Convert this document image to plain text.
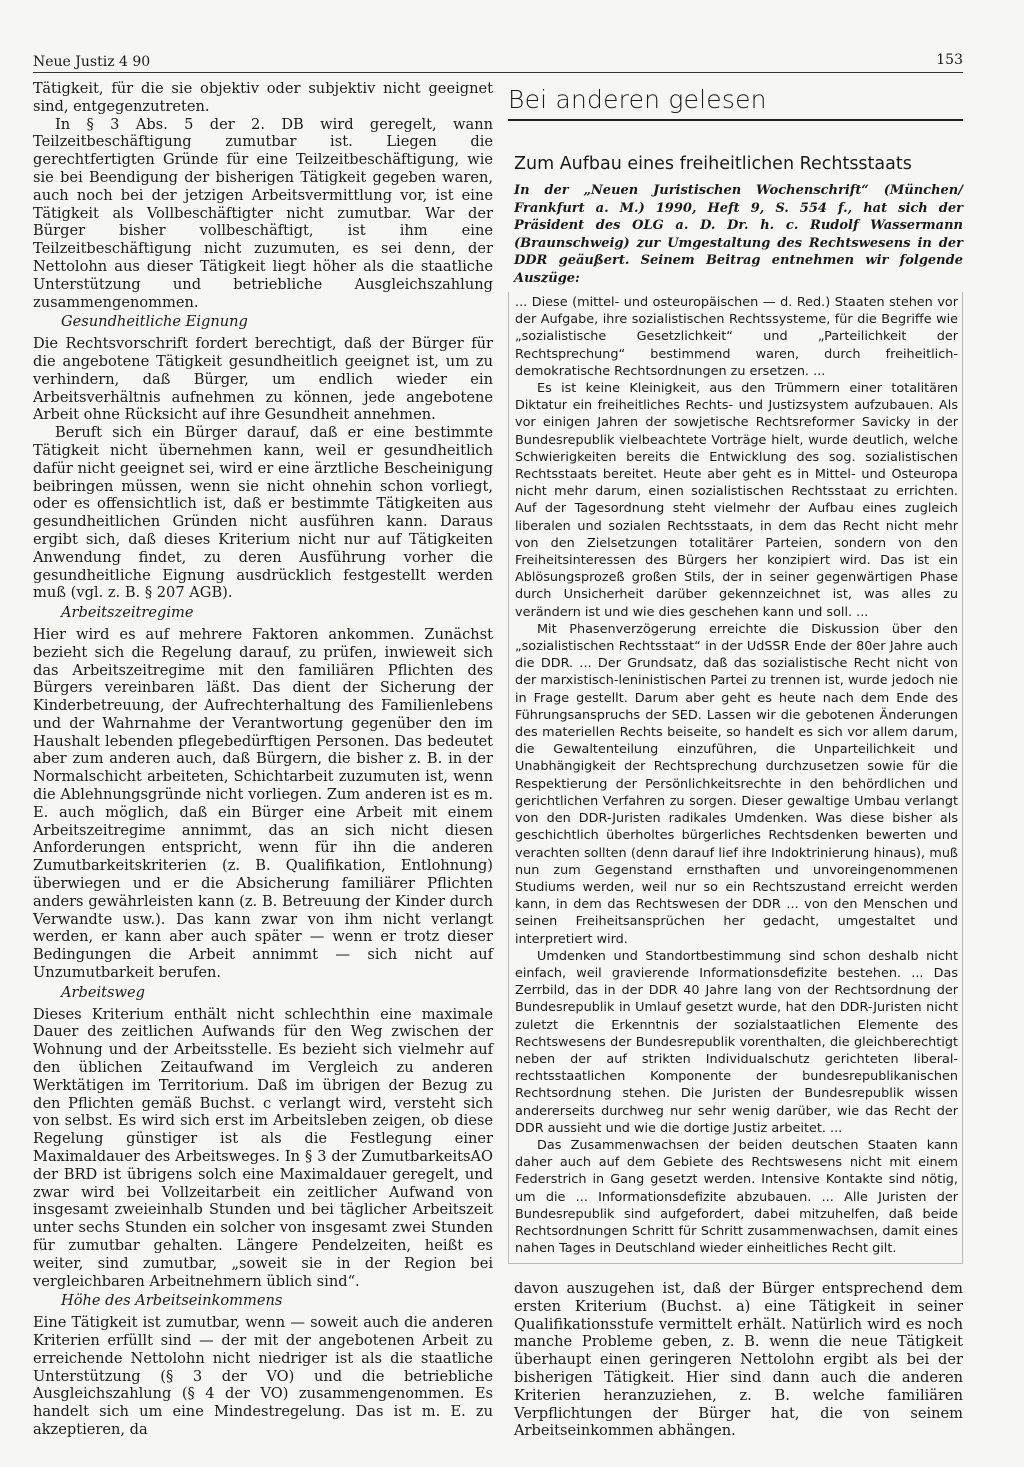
Neue Justiz 4 90	153

Tätigkeit, für die sie objektiv oder subjektiv nicht geeignet sind, entgegenzutreten.

In § 3 Abs. 5 der 2. DB wird geregelt, wann Teilzeitbeschäftigung zumutbar ist. Liegen die gerechtfertigten Gründe für eine Teilzeitbeschäftigung, wie sie bei Beendigung der bisherigen Tätigkeit gegeben waren, auch noch bei der jetzigen Arbeitsvermittlung vor, ist eine Tätigkeit als Vollbeschäftigter nicht zumutbar. War der Bürger bisher vollbeschäftigt, ist ihm eine Teilzeitbeschäftigung nicht zuzumuten, es sei denn, der Nettolohn aus dieser Tätigkeit liegt höher als die staatliche Unterstützung und betriebliche Ausgleichszahlung zusammengenommen.

Gesundheitliche Eignung

Die Rechtsvorschrift fordert berechtigt, daß der Bürger für die angebotene Tätigkeit gesundheitlich geeignet ist, um zu verhindern, daß Bürger, um endlich wieder ein Arbeitsverhältnis aufnehmen zu können, jede angebotene Arbeit ohne Rücksicht auf ihre Gesundheit annehmen.

Beruft sich ein Bürger darauf, daß er eine bestimmte Tätigkeit nicht übernehmen kann, weil er gesundheitlich dafür nicht geeignet sei, wird er eine ärztliche Bescheinigung beibringen müssen, wenn sie nicht ohnehin schon vorliegt, oder es offensichtlich ist, daß er bestimmte Tätigkeiten aus gesundheitlichen Gründen nicht ausführen kann. Daraus ergibt sich, daß dieses Kriterium nicht nur auf Tätigkeiten Anwendung findet, zu deren Ausführung vorher die gesundheitliche Eignung ausdrücklich festgestellt werden muß (vgl. z. B. § 207 AGB).

Arbeitszeitregime

Hier wird es auf mehrere Faktoren ankommen. Zunächst bezieht sich die Regelung darauf, zu prüfen, inwieweit sich das Arbeitszeitregime mit den familiären Pflichten des Bürgers vereinbaren läßt. Das dient der Sicherung der Kinderbetreuung, der Aufrechterhaltung des Familienlebens und der Wahrnahme der Verantwortung gegenüber den im Haushalt lebenden pflegebedürftigen Personen. Das bedeutet aber zum anderen auch, daß Bürgern, die bisher z. B. in der Normalschicht arbeiteten, Schichtarbeit zuzumuten ist, wenn die Ablehnungsgründe nicht vorliegen. Zum anderen ist es m. E. auch möglich, daß ein Bürger eine Arbeit mit einem Arbeitszeitregime annimmt, das an sich nicht diesen Anforderungen entspricht, wenn für ihn die anderen Zumutbarkeitskriterien (z. B. Qualifikation, Entlohnung) überwiegen und er die Absicherung familiärer Pflichten anders gewährleisten kann (z. B. Betreuung der Kinder durch Verwandte usw.). Das kann zwar von ihm nicht verlangt werden, er kann aber auch später — wenn er trotz dieser Bedingungen die Arbeit annimmt — sich nicht auf Unzumutbarkeit berufen.

Arbeitsweg

Dieses Kriterium enthält nicht schlechthin eine maximale Dauer des zeitlichen Aufwands für den Weg zwischen der Wohnung und der Arbeitsstelle. Es bezieht sich vielmehr auf den üblichen Zeitaufwand im Vergleich zu anderen Werktätigen im Territorium. Daß im übrigen der Bezug zu den Pflichten gemäß Buchst. c verlangt wird, versteht sich von selbst. Es wird sich erst im Arbeitsleben zeigen, ob diese Regelung günstiger ist als die Festlegung einer Maximaldauer des Arbeitsweges. In § 3 der ZumutbarkeitsAO der BRD ist übrigens solch eine Maximaldauer geregelt, und zwar wird bei Vollzeitarbeit ein zeitlicher Aufwand von insgesamt zweieinhalb Stunden und bei täglicher Arbeitszeit unter sechs Stunden ein solcher von insgesamt zwei Stunden für zumutbar gehalten. Längere Pendelzeiten, heißt es weiter, sind zumutbar, „soweit sie in der Region bei vergleichbaren Arbeitnehmern üblich sind“.

Höhe des Arbeitseinkommens

Eine Tätigkeit ist zumutbar, wenn — soweit auch die anderen Kriterien erfüllt sind — der mit der angebotenen Arbeit zu erreichende Nettolohn nicht niedriger ist als die staatliche Unterstützung (§ 3 der VO) und die betriebliche Ausgleichszahlung (§ 4 der VO) zusammengenommen. Es handelt sich um eine Mindestregelung. Das ist m. E. zu akzeptieren, da

Bei anderen gelesen
Zum Aufbau eines freiheitlichen Rechtsstaats

In der „Neuen Juristischen Wochenschrift“ (München/ Frankfurt a. M.) 1990, Heft 9, S. 554 f., hat sich der Präsident des OLG a. D. Dr. h. c. Rudolf Wassermann (Braunschweig) zur Umgestaltung des Rechtswesens in der DDR geäußert. Seinem Beitrag entnehmen wir folgende Auszüge:

... Diese (mittel- und osteuropäischen — d. Red.) Staaten stehen vor der Aufgabe, ihre sozialistischen Rechtssysteme, für die Begriffe wie „sozialistische Gesetzlichkeit“ und „Parteilichkeit der Rechtsprechung“ bestimmend waren, durch freiheitlich-demokratische Rechtsordnungen zu ersetzen. ...

Es ist keine Kleinigkeit, aus den Trümmern einer totalitären Diktatur ein freiheitliches Rechts- und Justizsystem aufzubauen. Als vor einigen Jahren der sowjetische Rechtsreformer Savicky in der Bundesrepublik vielbeachtete Vorträge hielt, wurde deutlich, welche Schwierigkeiten bereits die Entwicklung des sog. sozialistischen Rechtsstaats bereitet. Heute aber geht es in Mittel- und Osteuropa nicht mehr darum, einen sozialistischen Rechtsstaat zu errichten. Auf der Tagesordnung steht vielmehr der Aufbau eines zugleich liberalen und sozialen Rechtsstaats, in dem das Recht nicht mehr von den Zielsetzungen totalitärer Parteien, sondern von den Freiheitsinteressen des Bürgers her konzipiert wird. Das ist ein Ablösungsprozeß großen Stils, der in seiner gegenwärtigen Phase durch Unsicherheit darüber gekennzeichnet ist, was alles zu verändern ist und wie dies geschehen kann und soll. ...

Mit Phasenverzögerung erreichte die Diskussion über den „sozialistischen Rechtsstaat“ in der UdSSR Ende der 80er Jahre auch die DDR. ... Der Grundsatz, daß das sozialistische Recht nicht von der marxistisch-leninistischen Partei zu trennen ist, wurde jedoch nie in Frage gestellt. Darum aber geht es heute nach dem Ende des Führungsanspruchs der SED. Lassen wir die gebotenen Änderungen des materiellen Rechts beiseite, so handelt es sich vor allem darum, die Gewaltenteilung einzuführen, die Unparteilichkeit und Unabhängigkeit der Rechtsprechung durchzusetzen sowie für die Respektierung der Persönlichkeitsrechte in den behördlichen und gerichtlichen Verfahren zu sorgen. Dieser gewaltige Umbau verlangt von den DDR-Juristen radikales Umdenken. Was diese bisher als geschichtlich überholtes bürgerliches Rechtsdenken bewerten und verachten sollten (denn darauf lief ihre Indoktrinierung hinaus), muß nun zum Gegenstand ernsthaften und unvoreingenommenen Studiums werden, weil nur so ein Rechtszustand erreicht werden kann, in dem das Rechtswesen der DDR ... von den Menschen und seinen Freiheitsansprüchen her gedacht, umgestaltet und interpretiert wird.

Umdenken und Standortbestimmung sind schon deshalb nicht einfach, weil gravierende Informationsdefizite bestehen. ... Das Zerrbild, das in der DDR 40 Jahre lang von der Rechtsordnung der Bundesrepublik in Umlauf gesetzt wurde, hat den DDR-Juristen nicht zuletzt die Erkenntnis der sozialstaatlichen Elemente des Rechtswesens der Bundesrepublik vorenthalten, die gleichberechtigt neben der auf strikten Individualschutz gerichteten liberal-rechtsstaatlichen Komponente der bundesrepublikanischen Rechtsordnung stehen. Die Juristen der Bundesrepublik wissen andererseits durchweg nur sehr wenig darüber, wie das Recht der DDR aussieht und wie die dortige Justiz arbeitet. ...

Das Zusammenwachsen der beiden deutschen Staaten kann daher auch auf dem Gebiete des Rechtswesens nicht mit einem Federstrich in Gang gesetzt werden. Intensive Kontakte sind nötig, um die ... Informationsdefizite abzubauen. ... Alle Juristen der Bundesrepublik sind aufgefordert, dabei mitzuhelfen, daß beide Rechtsordnungen Schritt für Schritt zusammenwachsen, damit eines nahen Tages in Deutschland wieder einheitliches Recht gilt.

davon auszugehen ist, daß der Bürger entsprechend dem ersten Kriterium (Buchst. a) eine Tätigkeit in seiner Qualifikationsstufe vermittelt erhält. Natürlich wird es noch manche Probleme geben, z. B. wenn die neue Tätigkeit überhaupt einen geringeren Nettolohn ergibt als bei der bisherigen Tätigkeit. Hier sind dann auch die anderen Kriterien heranzuziehen, z. B. welche familiären Verpflichtungen der Bürger hat, die von seinem Arbeitseinkommen abhängen.
